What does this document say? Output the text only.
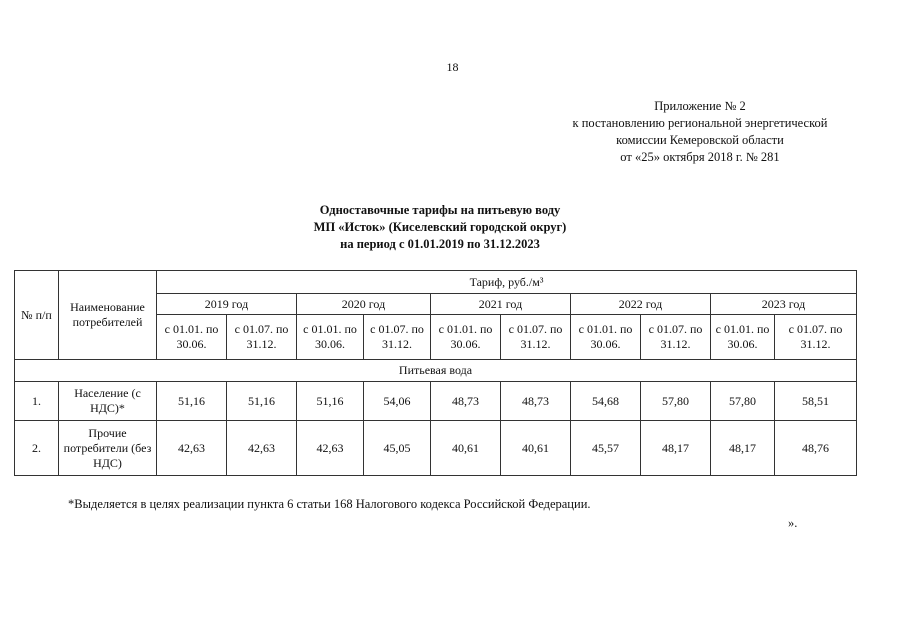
18
Приложение № 2
к постановлению региональной энергетической
комиссии Кемеровской области
от «25» октября 2018 г. № 281
Одноставочные тарифы на питьевую воду
МП «Исток» (Киселевский городской округ)
на период с 01.01.2019 по 31.12.2023
№ п/п	Наименование потребителей	Тариф, руб./м³									
		2019 год		2020 год		2021 год		2022 год		2023 год	
		с 01.01. по 30.06.	с 01.07. по 31.12.	с 01.01. по 30.06.	с 01.07. по 31.12.	с 01.01. по 30.06.	с 01.07. по 31.12.	с 01.01. по 30.06.	с 01.07. по 31.12.	с 01.01. по 30.06.	с 01.07. по 31.12.
Питьевая вода											
1.	Население (с НДС)*	51,16	51,16	51,16	54,06	48,73	48,73	54,68	57,80	57,80	58,51
2.	Прочие потребители (без НДС)	42,63	42,63	42,63	45,05	40,61	40,61	45,57	48,17	48,17	48,76
*Выделяется в целях реализации пункта 6 статьи 168 Налогового кодекса Российской Федерации.
».
